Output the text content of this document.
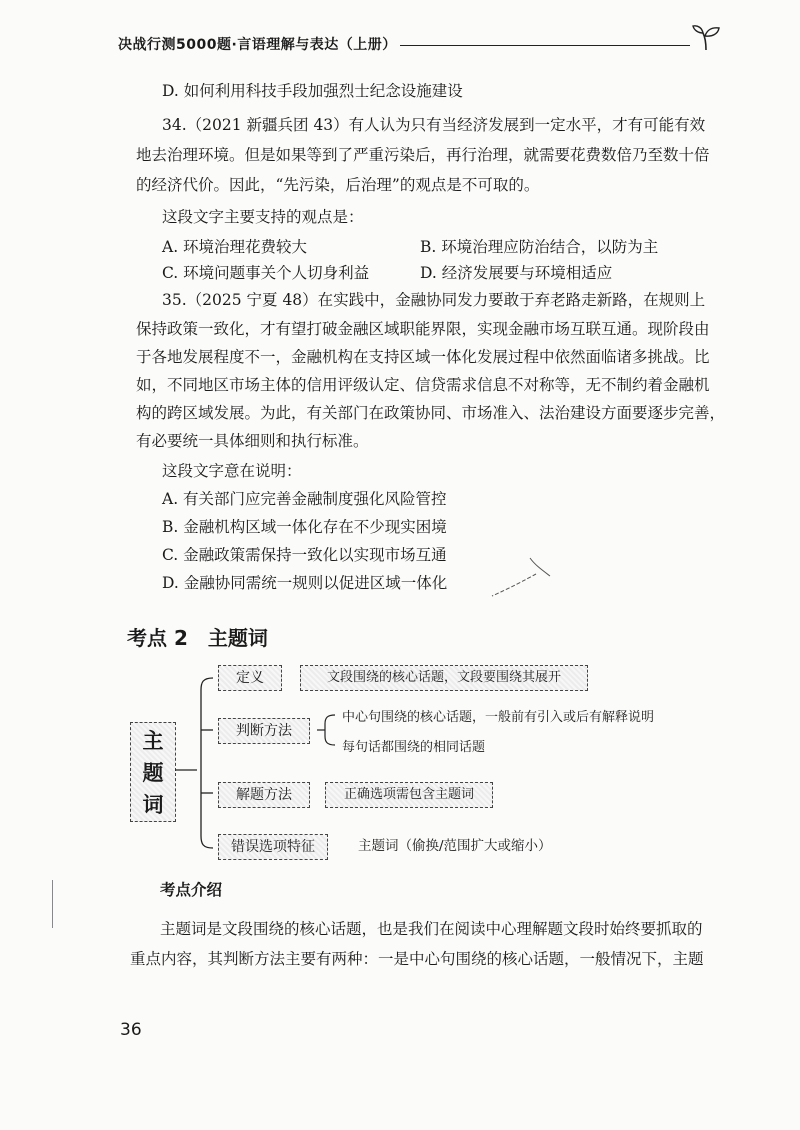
决战行测5000题·言语理解与表达（上册）
D. 如何利用科技手段加强烈士纪念设施建设
34.（2021 新疆兵团 43）有人认为只有当经济发展到一定水平，才有可能有效
地去治理环境。但是如果等到了严重污染后，再行治理，就需要花费数倍乃至数十倍
的经济代价。因此，“先污染，后治理”的观点是不可取的。
这段文字主要支持的观点是：
A. 环境治理花费较大	B. 环境治理应防治结合，以防为主
C. 环境问题事关个人切身利益	D. 经济发展要与环境相适应
35.（2025 宁夏 48）在实践中，金融协同发力要敢于弃老路走新路，在规则上
保持政策一致化，才有望打破金融区域职能界限，实现金融市场互联互通。现阶段由
于各地发展程度不一，金融机构在支持区域一体化发展过程中依然面临诸多挑战。比
如，不同地区市场主体的信用评级认定、信贷需求信息不对称等，无不制约着金融机
构的跨区域发展。为此，有关部门在政策协同、市场准入、法治建设方面要逐步完善，
有必要统一具体细则和执行标准。
这段文字意在说明：
A. 有关部门应完善金融制度强化风险管控
B. 金融机构区域一体化存在不少现实困境
C. 金融政策需保持一致化以实现市场互通
D. 金融协同需统一规则以促进区域一体化
考点 2　主题词
主
题
词
定义	文段围绕的核心话题，文段要围绕其展开
判断方法
中心句围绕的核心话题，一般前有引入或后有解释说明
每句话都围绕的相同话题
解题方法	正确选项需包含主题词
错误选项特征	主题词（偷换/范围扩大或缩小）
考点介绍
主题词是文段围绕的核心话题，也是我们在阅读中心理解题文段时始终要抓取的
重点内容，其判断方法主要有两种：一是中心句围绕的核心话题，一般情况下，主题
36
